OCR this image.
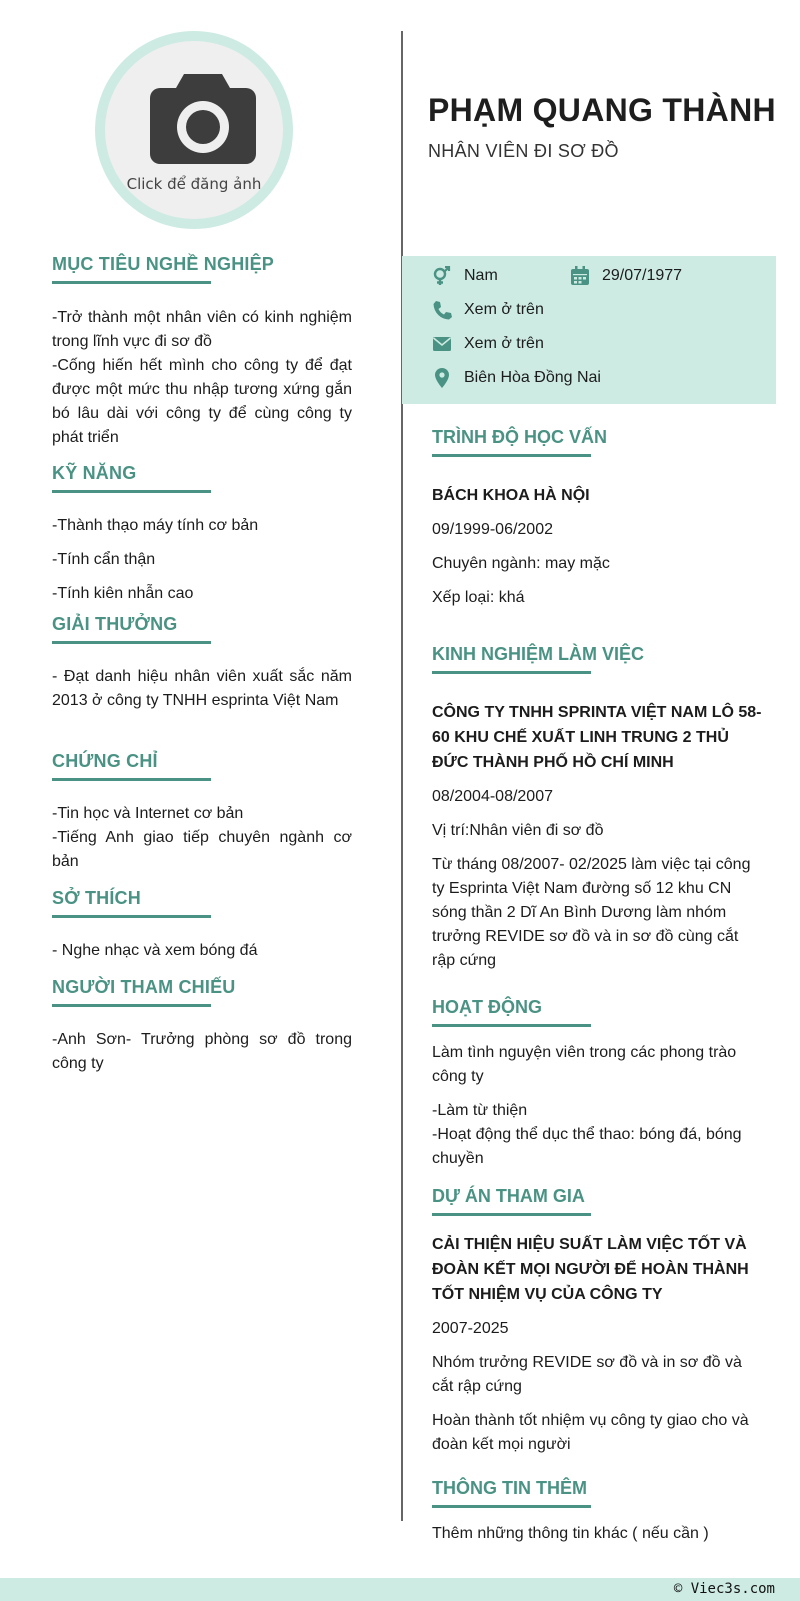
Click để đăng ảnh
MỤC TIÊU NGHỀ NGHIỆP
-Trở thành một nhân viên có kinh nghiệm trong lĩnh vực đi sơ đồ
-Cống hiến hết mình cho công ty để đạt được một mức thu nhập tương xứng gắn bó lâu dài với công ty để cùng công ty phát triển
KỸ NĂNG
-Thành thạo máy tính cơ bản
-Tính cẩn thận
-Tính kiên nhẫn cao
GIẢI THƯỞNG
- Đạt danh hiệu nhân viên xuất sắc năm 2013 ở công ty TNHH esprinta Việt Nam
CHỨNG CHỈ
-Tin học và Internet cơ bản
-Tiếng Anh giao tiếp chuyên ngành cơ bản
SỞ THÍCH
- Nghe nhạc và xem bóng đá
NGƯỜI THAM CHIẾU
-Anh Sơn- Trưởng phòng sơ đồ trong công ty
PHẠM QUANG THÀNH
NHÂN VIÊN ĐI SƠ ĐỒ
Nam	29/07/1977
Xem ở trên
Xem ở trên
Biên Hòa Đồng Nai
TRÌNH ĐỘ HỌC VẤN
BÁCH KHOA HÀ NỘI
09/1999-06/2002
Chuyên ngành: may mặc
Xếp loại: khá
KINH NGHIỆM LÀM VIỆC
CÔNG TY TNHH SPRINTA VIỆT NAM LÔ 58-60 KHU CHẾ XUẤT LINH TRUNG 2 THỦ ĐỨC THÀNH PHỐ HỒ CHÍ MINH
08/2004-08/2007
Vị trí:Nhân viên đi sơ đồ
Từ tháng 08/2007- 02/2025 làm việc tại công ty Esprinta Việt Nam đường số 12 khu CN sóng thần 2 Dĩ An Bình Dương làm nhóm trưởng REVIDE sơ đồ và in sơ đồ cùng cắt rập cứng
HOẠT ĐỘNG
Làm tình nguyện viên trong các phong trào công ty
-Làm từ thiện
-Hoạt động thể dục thể thao: bóng đá, bóng chuyền
DỰ ÁN THAM GIA
CẢI THIỆN HIỆU SUẤT LÀM VIỆC TỐT VÀ ĐOÀN KẾT MỌI NGƯỜI ĐỂ HOÀN THÀNH TỐT NHIỆM VỤ CỦA CÔNG TY
2007-2025
Nhóm trưởng REVIDE sơ đồ và in sơ đồ và cắt rập cứng
Hoàn thành tốt nhiệm vụ công ty giao cho và đoàn kết mọi người
THÔNG TIN THÊM
Thêm những thông tin khác ( nếu cần )
© Viec3s.com
